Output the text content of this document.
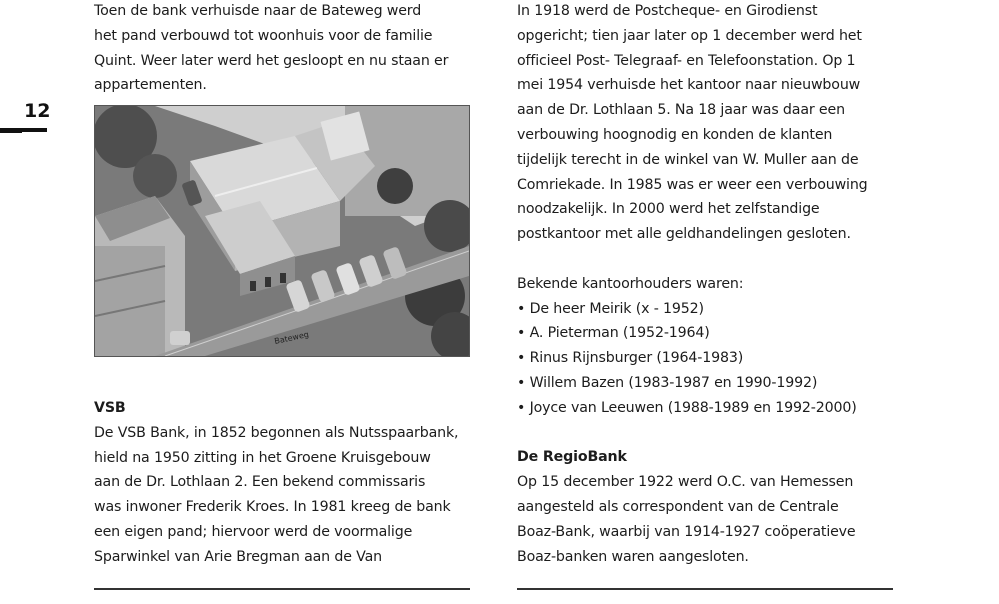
12

Toen de bank verhuisde naar de Bateweg werd

het pand verbouwd tot woonhuis voor de familie

Quint. Weer later werd het gesloopt en nu staan er

appartementen.

VSB

De VSB Bank, in 1852 begonnen als Nutsspaarbank,

hield na 1950 zitting in het Groene Kruisgebouw

aan de Dr. Lothlaan 2. Een bekend commissaris

was inwoner Frederik Kroes. In 1981 kreeg de bank

een eigen pand; hiervoor werd de voormalige

Sparwinkel van Arie Bregman aan de Van

Bateweg

In 1918 werd de Postcheque- en Girodienst

opgericht; tien jaar later op 1 december werd het

officieel Post- Telegraaf- en Telefoonstation. Op 1

mei 1954 verhuisde het kantoor naar nieuwbouw

aan de Dr. Lothlaan 5. Na 18 jaar was daar een

verbouwing hoognodig en konden de klanten

tijdelijk terecht in de winkel van W. Muller aan de

Comriekade. In 1985 was er weer een verbouwing

noodzakelijk. In 2000 werd het zelfstandige

postkantoor met alle geldhandelingen gesloten.

Bekende kantoorhouders waren:

• De heer Meirik (x - 1952)
• A. Pieterman (1952-1964)
• Rinus Rijnsburger (1964-1983)
• Willem Bazen (1983-1987 en 1990-1992)
• Joyce van Leeuwen (1988-1989 en 1992-2000)
De RegioBank

Op 15 december 1922 werd O.C. van Hemessen

aangesteld als correspondent van de Centrale

Boaz-Bank, waarbij van 1914-1927 coöperatieve

Boaz-banken waren aangesloten.
